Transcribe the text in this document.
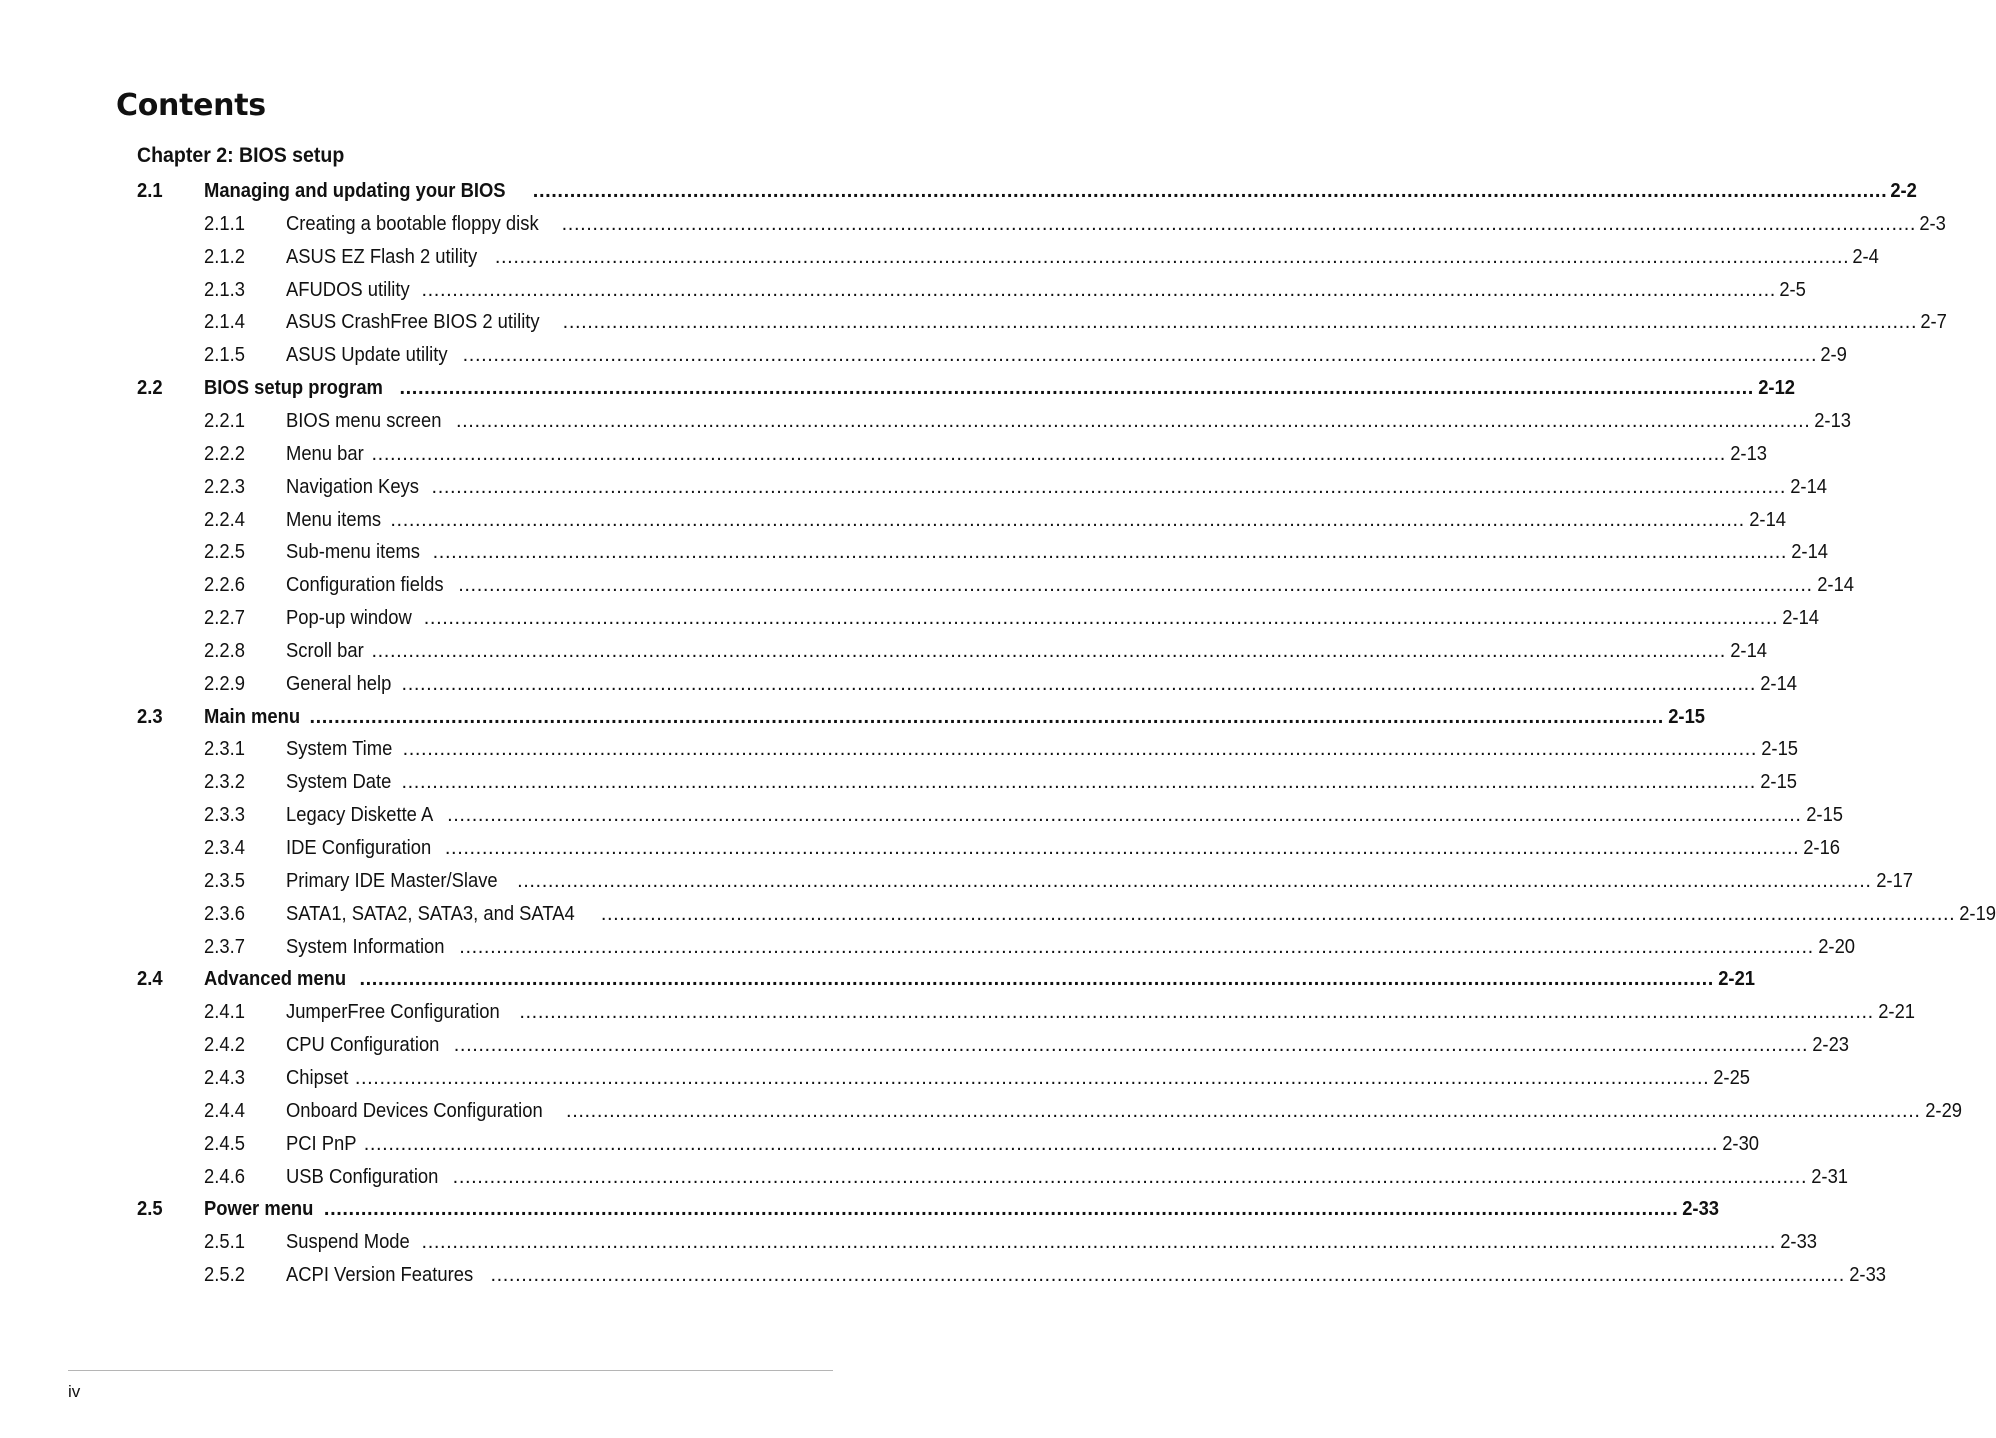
Contents
Chapter 2: BIOS setup
2.1 Managing and updating your BIOS ............................................................................................................................................................................................................................ 2-2
2.1.1 Creating a bootable floppy disk ............................................................................................................................................................................................................................ 2-3
2.1.2 ASUS EZ Flash 2 utility ............................................................................................................................................................................................................................ 2-4
2.1.3 AFUDOS utility ............................................................................................................................................................................................................................ 2-5
2.1.4 ASUS CrashFree BIOS 2 utility ............................................................................................................................................................................................................................ 2-7
2.1.5 ASUS Update utility ............................................................................................................................................................................................................................ 2-9
2.2 BIOS setup program ............................................................................................................................................................................................................................ 2-12
2.2.1 BIOS menu screen ............................................................................................................................................................................................................................ 2-13
2.2.2 Menu bar ............................................................................................................................................................................................................................ 2-13
2.2.3 Navigation Keys ............................................................................................................................................................................................................................ 2-14
2.2.4 Menu items ............................................................................................................................................................................................................................ 2-14
2.2.5 Sub-menu items ............................................................................................................................................................................................................................ 2-14
2.2.6 Configuration fields ............................................................................................................................................................................................................................ 2-14
2.2.7 Pop-up window ............................................................................................................................................................................................................................ 2-14
2.2.8 Scroll bar ............................................................................................................................................................................................................................ 2-14
2.2.9 General help ............................................................................................................................................................................................................................ 2-14
2.3 Main menu ............................................................................................................................................................................................................................ 2-15
2.3.1 System Time ............................................................................................................................................................................................................................ 2-15
2.3.2 System Date ............................................................................................................................................................................................................................ 2-15
2.3.3 Legacy Diskette A ............................................................................................................................................................................................................................ 2-15
2.3.4 IDE Configuration ............................................................................................................................................................................................................................ 2-16
2.3.5 Primary IDE Master/Slave ............................................................................................................................................................................................................................ 2-17
2.3.6 SATA1, SATA2, SATA3, and SATA4 ............................................................................................................................................................................................................................ 2-19
2.3.7 System Information ............................................................................................................................................................................................................................ 2-20
2.4 Advanced menu ............................................................................................................................................................................................................................ 2-21
2.4.1 JumperFree Configuration ............................................................................................................................................................................................................................ 2-21
2.4.2 CPU Configuration ............................................................................................................................................................................................................................ 2-23
2.4.3 Chipset ............................................................................................................................................................................................................................ 2-25
2.4.4 Onboard Devices Configuration ............................................................................................................................................................................................................................ 2-29
2.4.5 PCI PnP ............................................................................................................................................................................................................................ 2-30
2.4.6 USB Configuration ............................................................................................................................................................................................................................ 2-31
2.5 Power menu ............................................................................................................................................................................................................................ 2-33
2.5.1 Suspend Mode ............................................................................................................................................................................................................................ 2-33
2.5.2 ACPI Version Features ............................................................................................................................................................................................................................ 2-33
iv
